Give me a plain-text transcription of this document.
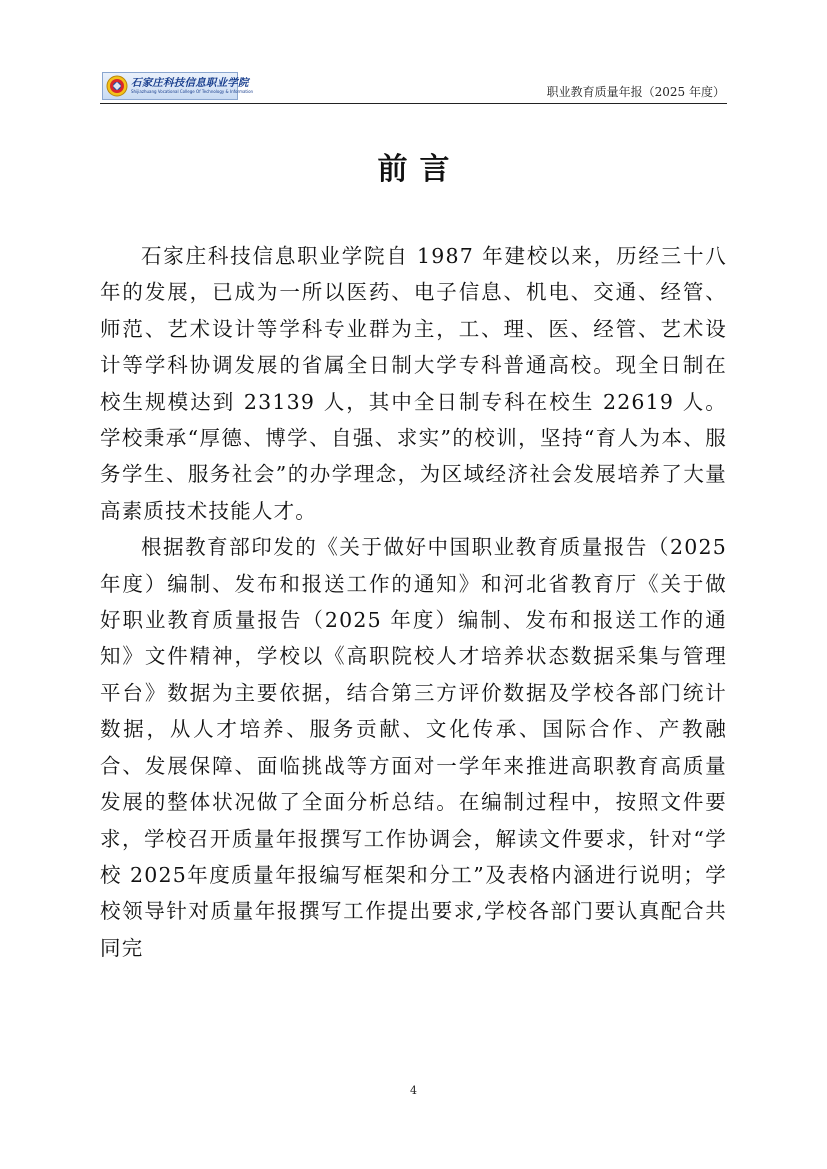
石家庄科技信息职业学院
Shijiazhuang Vocational College Of Technology & Information	职业教育质量年报（2025 年度）
前言

石家庄科技信息职业学院自 1987 年建校以来，历经三十八年的发展，已成为一所以医药、电子信息、机电、交通、经管、师范、艺术设计等学科专业群为主，工、理、医、经管、艺术设计等学科协调发展的省属全日制大学专科普通高校。现全日制在校生规模达到 23139 人，其中全日制专科在校生 22619 人。学校秉承“厚德、博学、自强、求实”的校训，坚持“育人为本、服务学生、服务社会”的办学理念，为区域经济社会发展培养了大量高素质技术技能人才。

根据教育部印发的《关于做好中国职业教育质量报告（2025年度）编制、发布和报送工作的通知》和河北省教育厅《关于做好职业教育质量报告（2025 年度）编制、发布和报送工作的通知》文件精神，学校以《高职院校人才培养状态数据采集与管理平台》数据为主要依据，结合第三方评价数据及学校各部门统计数据，从人才培养、服务贡献、文化传承、国际合作、产教融合、发展保障、面临挑战等方面对一学年来推进高职教育高质量发展的整体状况做了全面分析总结。在编制过程中，按照文件要求，学校召开质量年报撰写工作协调会，解读文件要求，针对“学校 2025年度质量年报编写框架和分工”及表格内涵进行说明；学校领导针对质量年报撰写工作提出要求,学校各部门要认真配合共同完

4
